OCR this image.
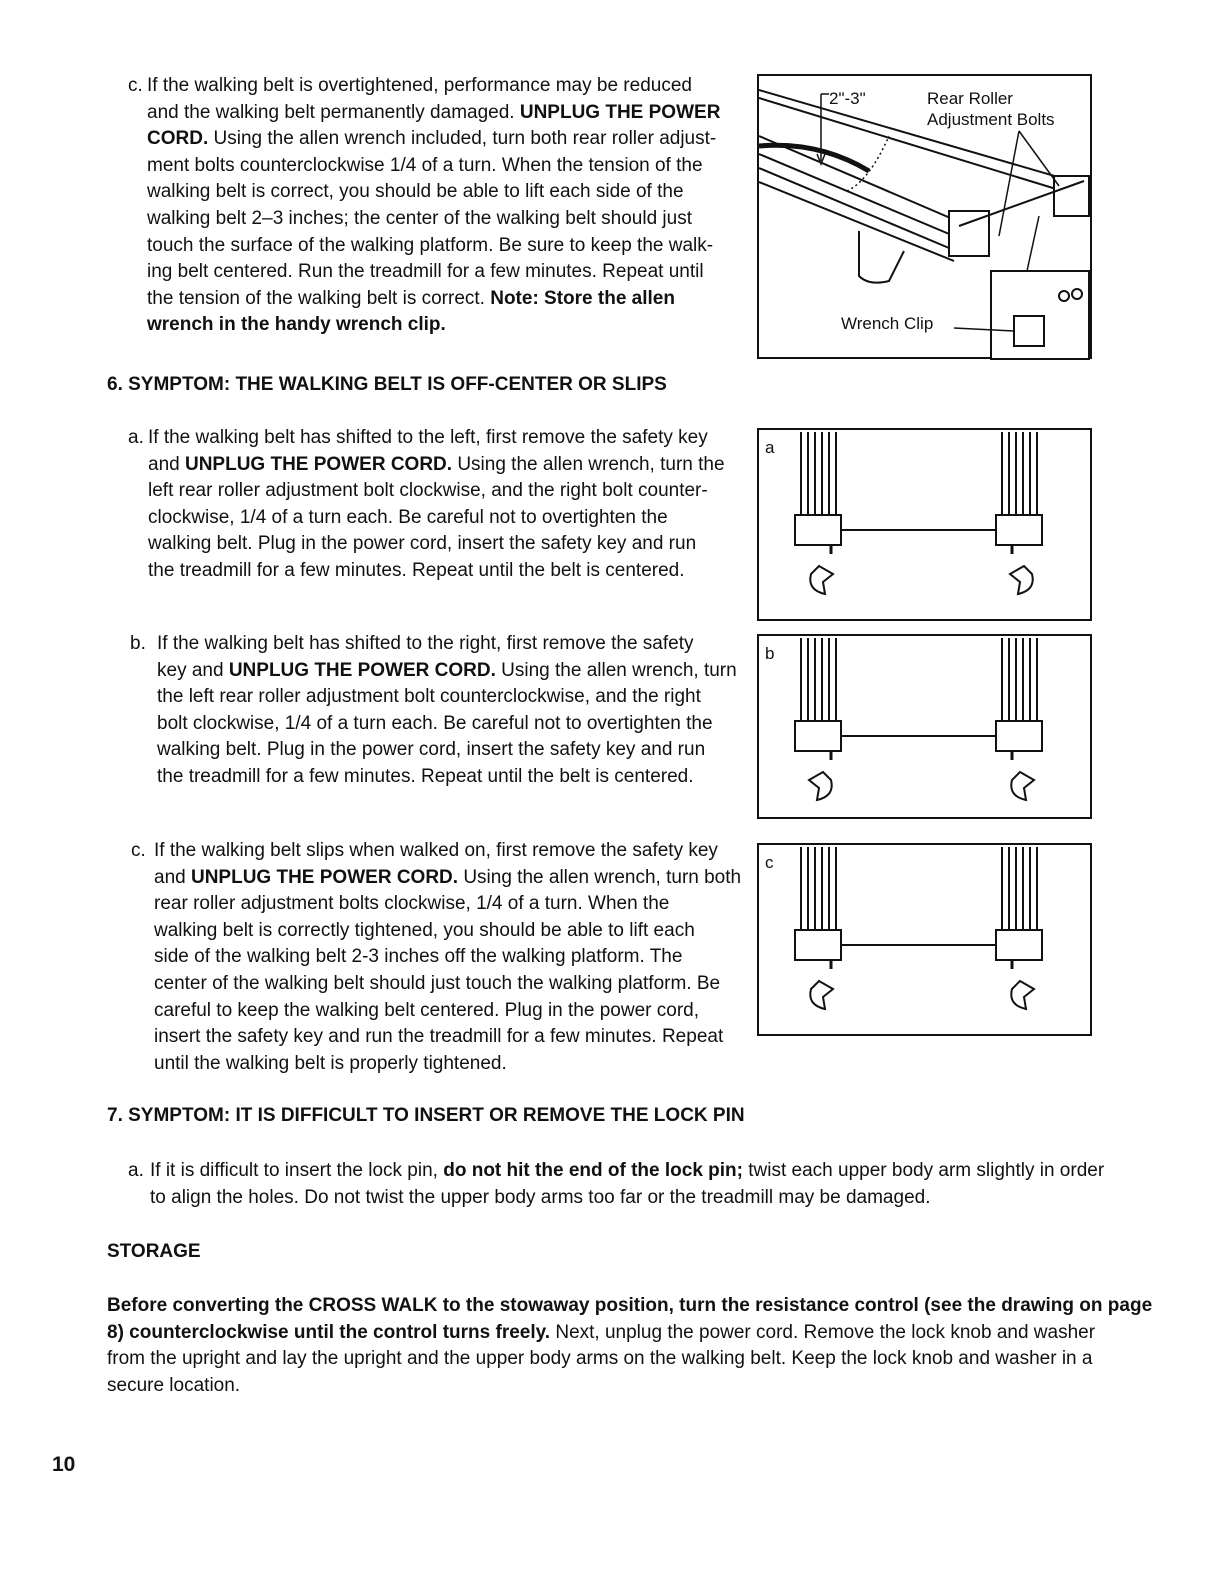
c. If the walking belt is overtightened, performance may be reduced
and the walking belt permanently damaged. UNPLUG THE POWER
CORD. Using the allen wrench included, turn both rear roller adjust-
ment bolts counterclockwise 1/4 of a turn. When the tension of the
walking belt is correct, you should be able to lift each side of the
walking belt 2–3 inches; the center of the walking belt should just
touch the surface of the walking platform. Be sure to keep the walk-
ing belt centered. Run the treadmill for a few minutes. Repeat until
the tension of the walking belt is correct. Note: Store the allen
wrench in the handy wrench clip.
2"-3"	Rear Roller
Adjustment Bolts
Wrench Clip
6. SYMPTOM: THE WALKING BELT IS OFF-CENTER OR SLIPS
a. If the walking belt has shifted to the left, first remove the safety key
and UNPLUG THE POWER CORD. Using the allen wrench, turn the
left rear roller adjustment bolt clockwise, and the right bolt counter-
clockwise, 1/4 of a turn each. Be careful not to overtighten the
walking belt. Plug in the power cord, insert the safety key and run
the treadmill for a few minutes. Repeat until the belt is centered.
b. If the walking belt has shifted to the right, first remove the safety
key and UNPLUG THE POWER CORD. Using the allen wrench, turn
the left rear roller adjustment bolt counterclockwise, and the right
bolt clockwise, 1/4 of a turn each. Be careful not to overtighten the
walking belt. Plug in the power cord, insert the safety key and run
the treadmill for a few minutes. Repeat until the belt is centered.
c. If the walking belt slips when walked on, first remove the safety key
and UNPLUG THE POWER CORD. Using the allen wrench, turn both
rear roller adjustment bolts clockwise, 1/4 of a turn. When the
walking belt is correctly tightened, you should be able to lift each
side of the walking belt 2-3 inches off the walking platform. The
center of the walking belt should just touch the walking platform. Be
careful to keep the walking belt centered. Plug in the power cord,
insert the safety key and run the treadmill for a few minutes. Repeat
until the walking belt is properly tightened.
a
b
c
7. SYMPTOM: IT IS DIFFICULT TO INSERT OR REMOVE THE LOCK PIN
a. If it is difficult to insert the lock pin, do not hit the end of the lock pin; twist each upper body arm slightly in order
to align the holes. Do not twist the upper body arms too far or the treadmill may be damaged.
STORAGE
Before converting the CROSS WALK to the stowaway position, turn the resistance control (see the drawing on page
8) counterclockwise until the control turns freely. Next, unplug the power cord. Remove the lock knob and washer
from the upright and lay the upright and the upper body arms on the walking belt. Keep the lock knob and washer in a
secure location.
10
